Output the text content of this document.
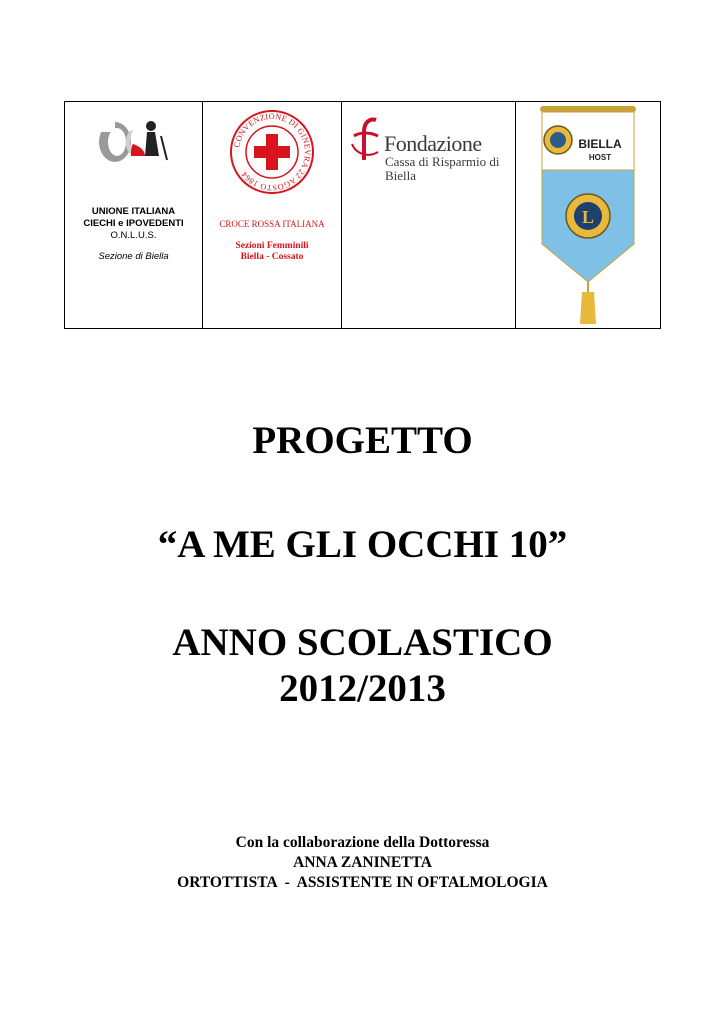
UNIONE ITALIANA
CIECHI e IPOVEDENTI
O.N.L.U.S.
Sezione di Biella
CONVENZIONE DI GINEVRA 22 AGOSTO 1864
CROCE ROSSA ITALIANA
Sezioni Femminili
Biella - Cossato
Fondazione
Cassa di Risparmio di Biella
BIELLA
HOST
L
PROGETTO
“A ME GLI OCCHI 10”
ANNO SCOLASTICO
2012/2013
Con la collaborazione della Dottoressa
ANNA ZANINETTA
ORTOTTISTA  -  ASSISTENTE IN OFTALMOLOGIA
